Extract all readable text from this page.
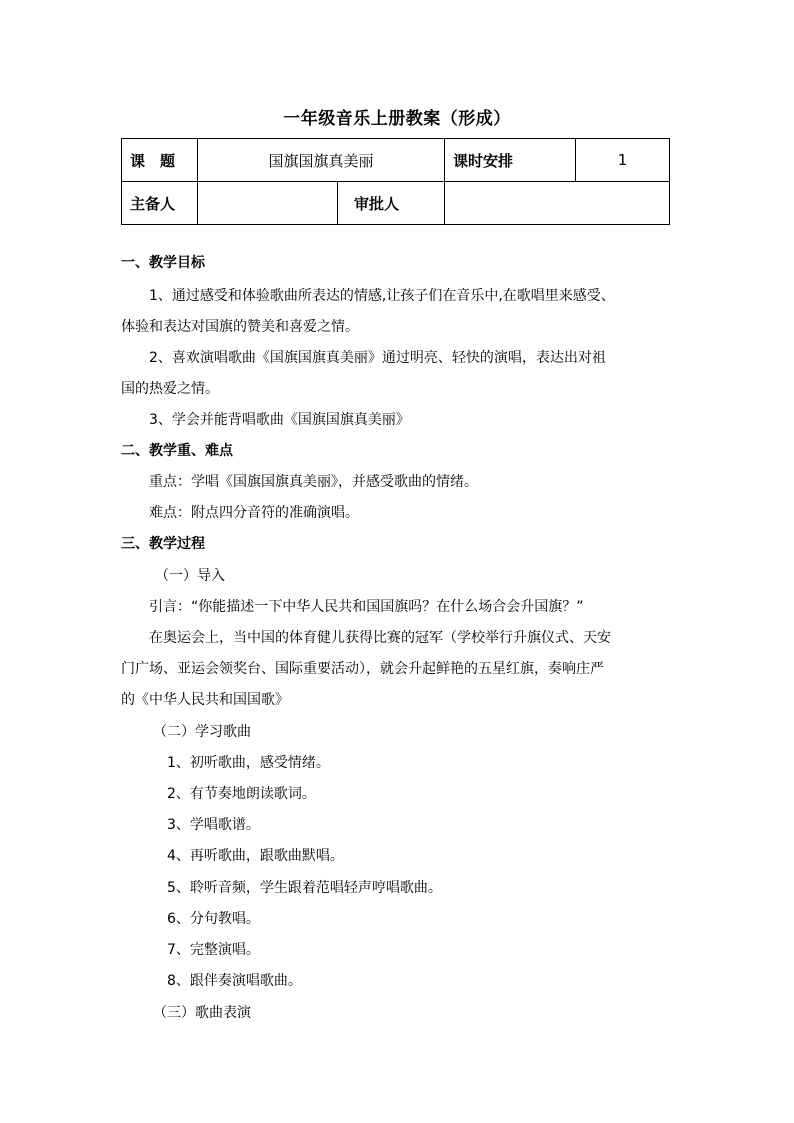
一年级音乐上册教案（形成）
课　题	国旗国旗真美丽		课时安排	1
主备人		审批人		
一、教学目标
1、通过感受和体验歌曲所表达的情感,让孩子们在音乐中,在歌唱里来感受、
体验和表达对国旗的赞美和喜爱之情。
2、喜欢演唱歌曲《国旗国旗真美丽》通过明亮、轻快的演唱，表达出对祖
国的热爱之情。
3、学会并能背唱歌曲《国旗国旗真美丽》
二、教学重、难点
重点：学唱《国旗国旗真美丽》，并感受歌曲的情绪。
难点：附点四分音符的准确演唱。
三、教学过程
（一）导入
引言：“你能描述一下中华人民共和国国旗吗？在什么场合会升国旗？”
在奥运会上，当中国的体育健儿获得比赛的冠军（学校举行升旗仪式、天安
门广场、亚运会领奖台、国际重要活动），就会升起鲜艳的五星红旗，奏响庄严
的《中华人民共和国国歌》
（二）学习歌曲
1、初听歌曲，感受情绪。
2、有节奏地朗读歌词。
3、学唱歌谱。
4、再听歌曲，跟歌曲默唱。
5、聆听音频，学生跟着范唱轻声哼唱歌曲。
6、分句教唱。
7、完整演唱。
8、跟伴奏演唱歌曲。
（三）歌曲表演
